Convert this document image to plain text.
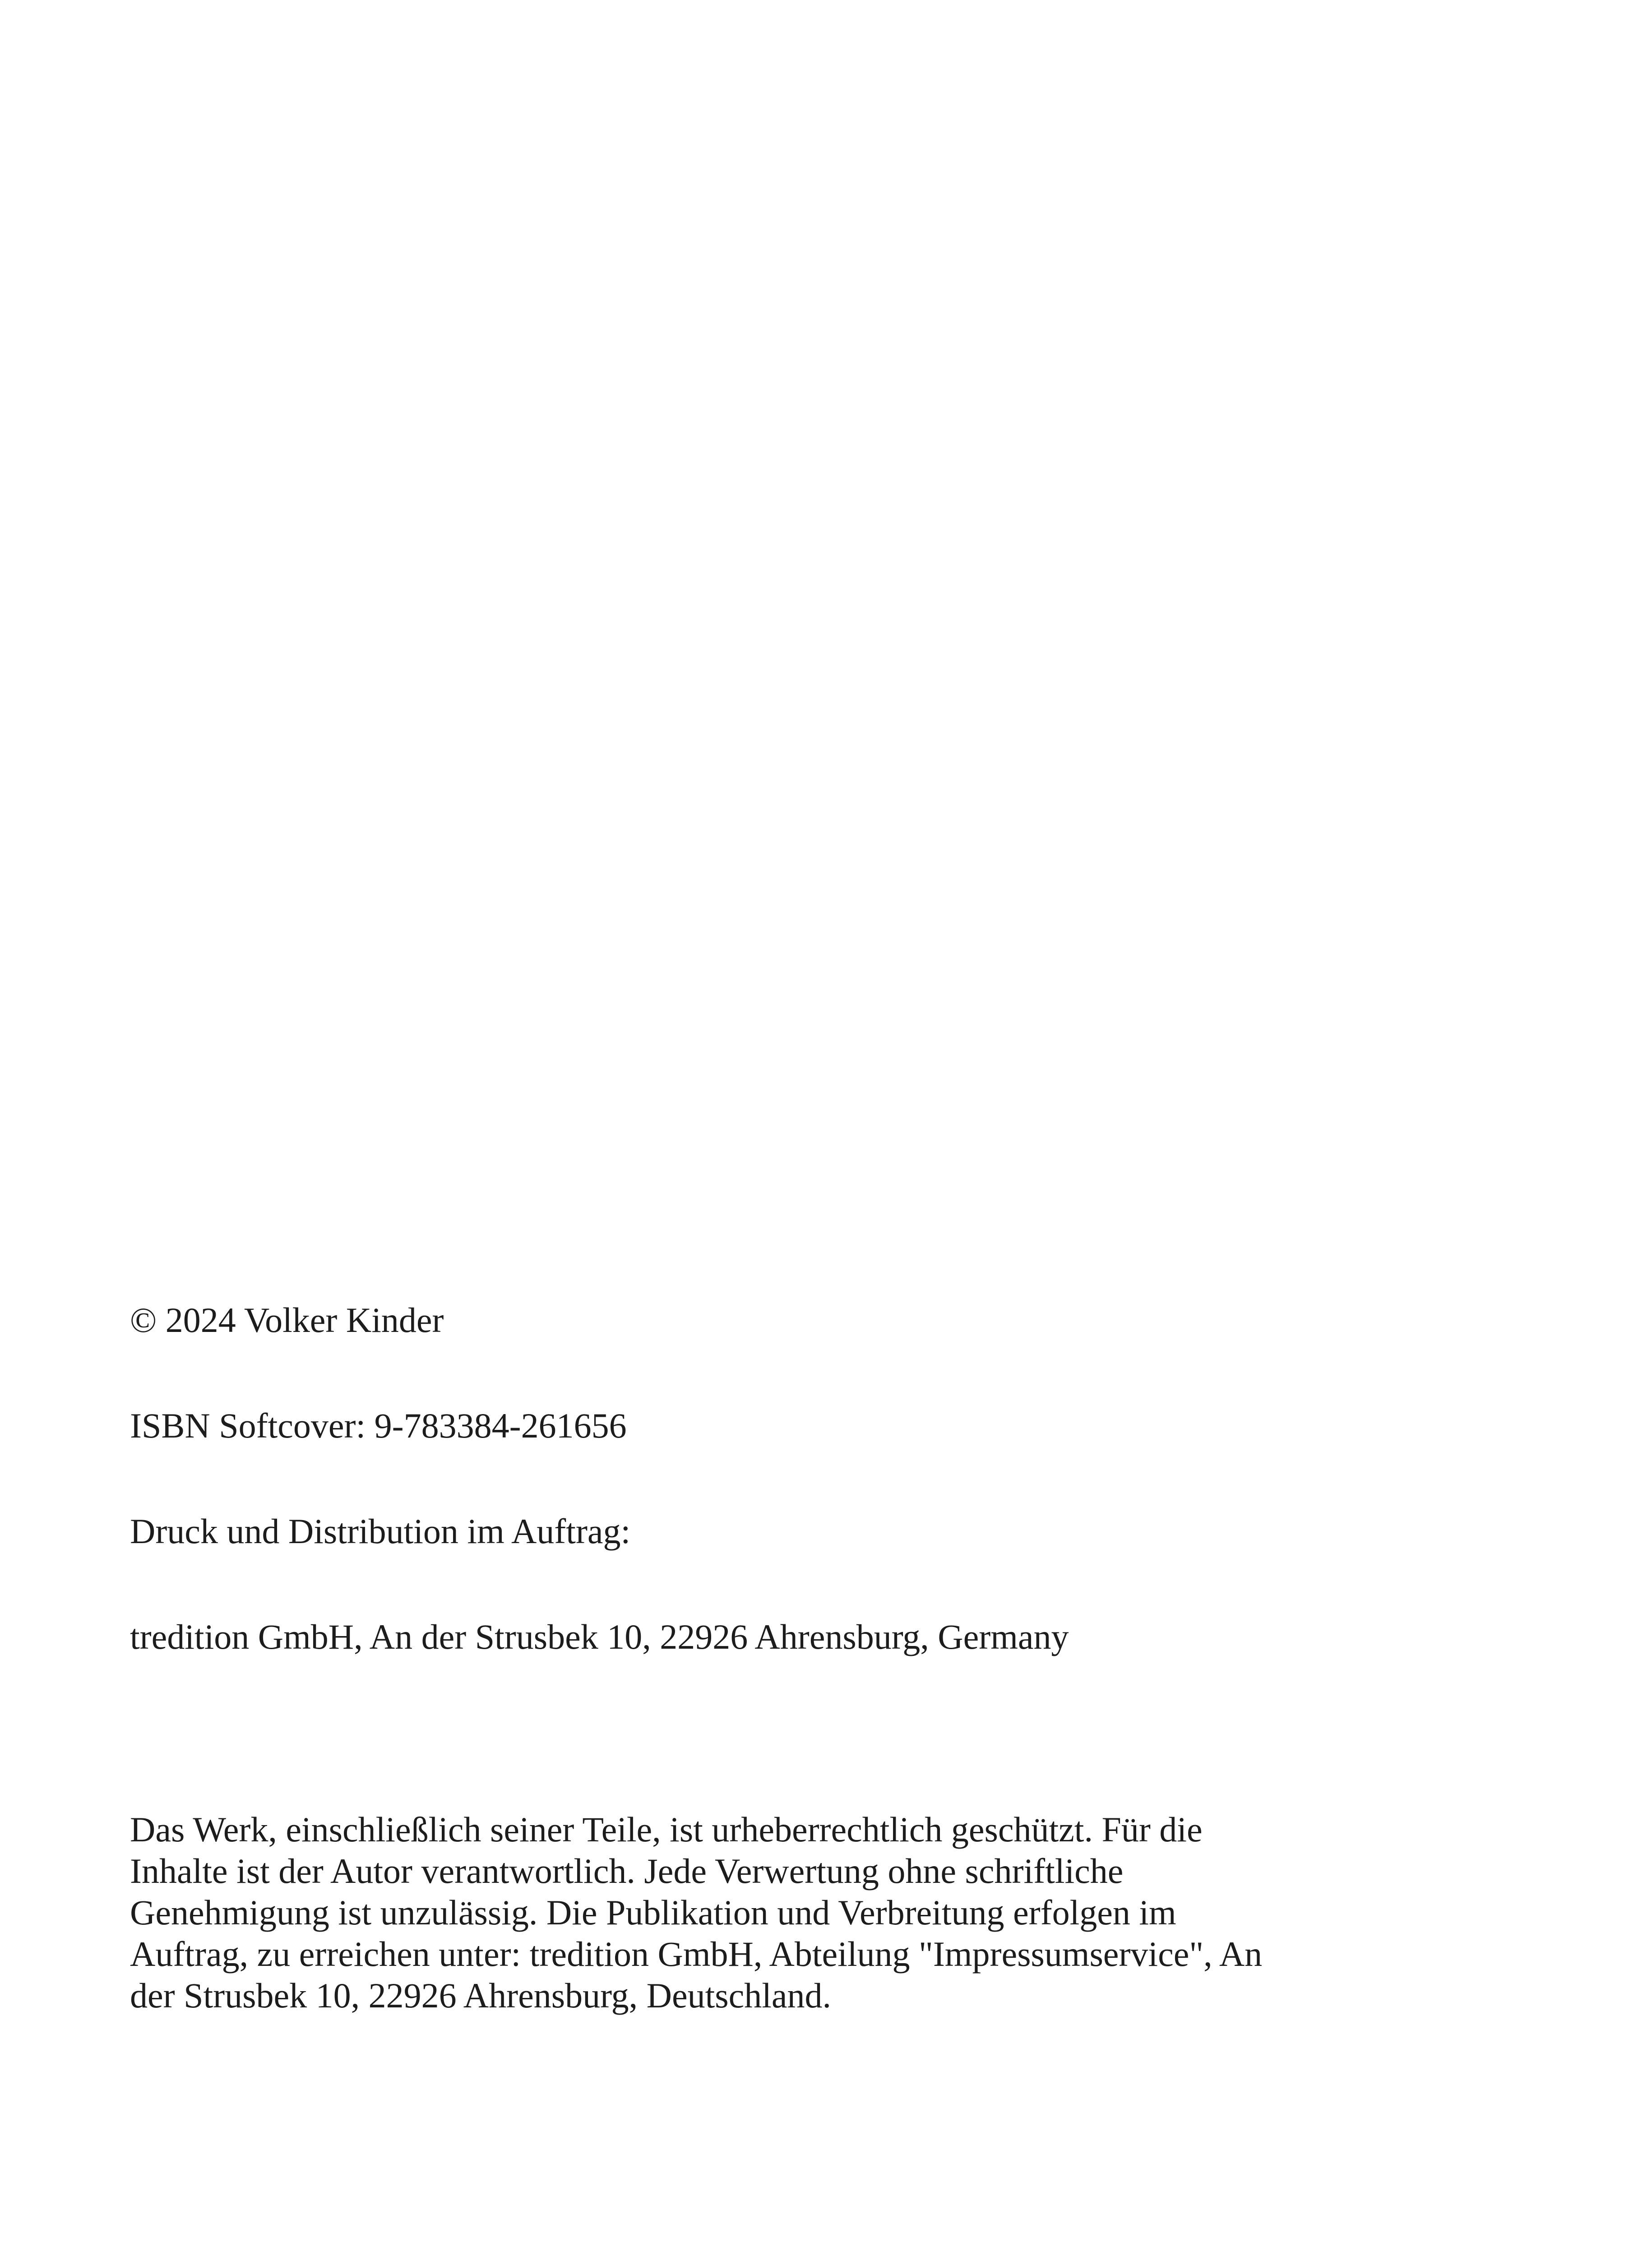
© 2024 Volker Kinder

ISBN Softcover: 9-783384-261656

Druck und Distribution im Auftrag:

tredition GmbH, An der Strusbek 10, 22926 Ahrensburg, Germany

Das Werk, einschließlich seiner Teile, ist urheberrechtlich geschützt. Für die
Inhalte ist der Autor verantwortlich. Jede Verwertung ohne schriftliche
Genehmigung ist unzulässig. Die Publikation und Verbreitung erfolgen im
Auftrag, zu erreichen unter: tredition GmbH, Abteilung "Impressumservice", An
der Strusbek 10, 22926 Ahrensburg, Deutschland.
